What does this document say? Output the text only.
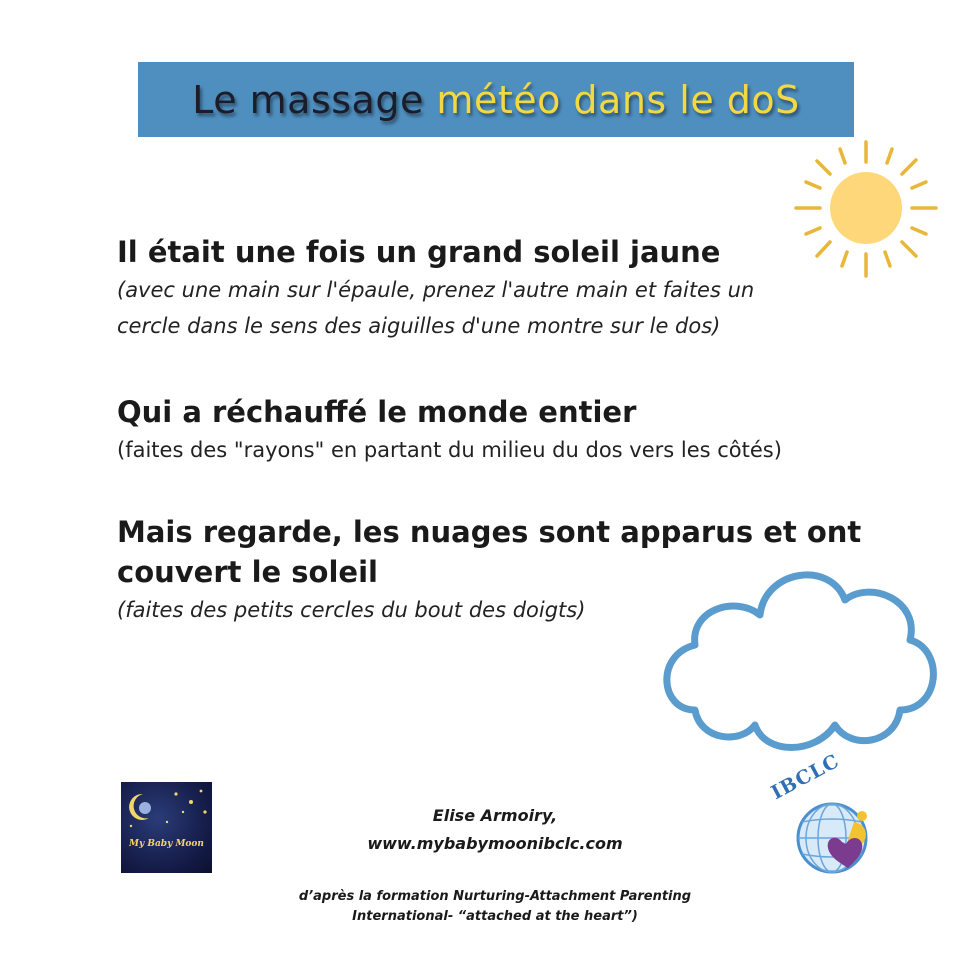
Le massage météo dans le doS
Il était une fois un grand soleil jaune
(avec une main sur l'épaule, prenez l'autre main et faites un
cercle dans le sens des aiguilles d'une montre sur le dos)
Qui a réchauffé le monde entier
(faites des "rayons" en partant du milieu du dos vers les côtés)
Mais regarde, les nuages sont apparus et ont
couvert le soleil
(faites des petits cercles du bout des doigts)
My Baby Moon
Elise Armoiry,
www.mybabymoonibclc.com
d’après la formation Nurturing-Attachment Parenting
International- “attached at the heart”)
IBCLC
